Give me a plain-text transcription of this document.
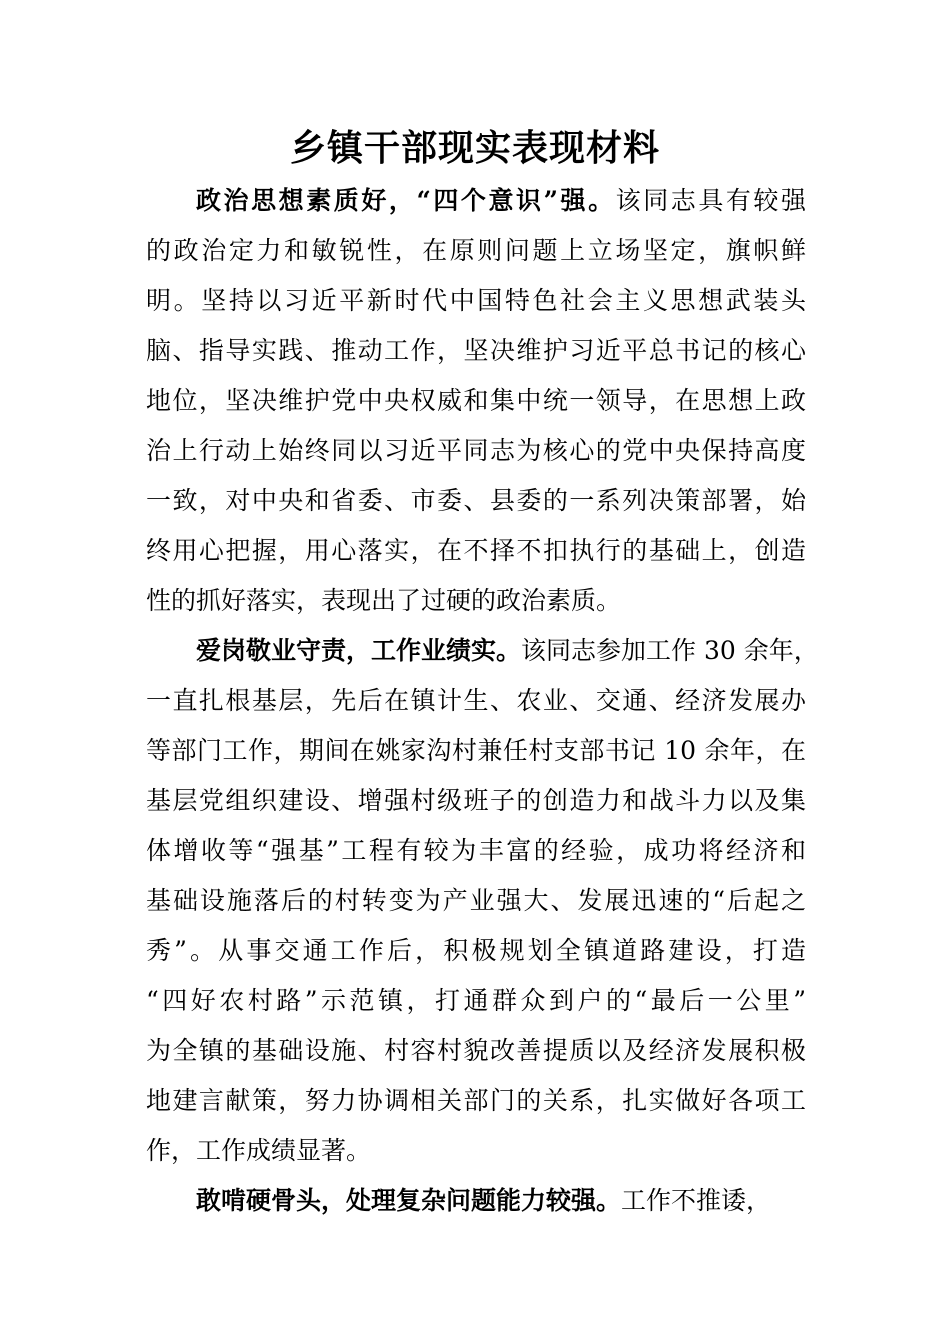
乡镇干部现实表现材料
政治思想素质好，“四个意识”强。该同志具有较强
的政治定力和敏锐性，在原则问题上立场坚定，旗帜鲜
明。坚持以习近平新时代中国特色社会主义思想武装头
脑、指导实践、推动工作，坚决维护习近平总书记的核心
地位，坚决维护党中央权威和集中统一领导，在思想上政
治上行动上始终同以习近平同志为核心的党中央保持高度
一致，对中央和省委、市委、县委的一系列决策部署，始
终用心把握，用心落实，在不择不扣执行的基础上，创造
性的抓好落实，表现出了过硬的政治素质。
爱岗敬业守责，工作业绩实。该同志参加工作 30 余年，
一直扎根基层，先后在镇计生、农业、交通、经济发展办
等部门工作，期间在姚家沟村兼任村支部书记 10 余年，在
基层党组织建设、增强村级班子的创造力和战斗力以及集
体增收等“强基”工程有较为丰富的经验，成功将经济和
基础设施落后的村转变为产业强大、发展迅速的“后起之
秀”。从事交通工作后，积极规划全镇道路建设，打造
“四好农村路”示范镇，打通群众到户的“最后一公里”
为全镇的基础设施、村容村貌改善提质以及经济发展积极
地建言献策，努力协调相关部门的关系，扎实做好各项工
作，工作成绩显著。
敢啃硬骨头，处理复杂问题能力较强。工作不推诿，
